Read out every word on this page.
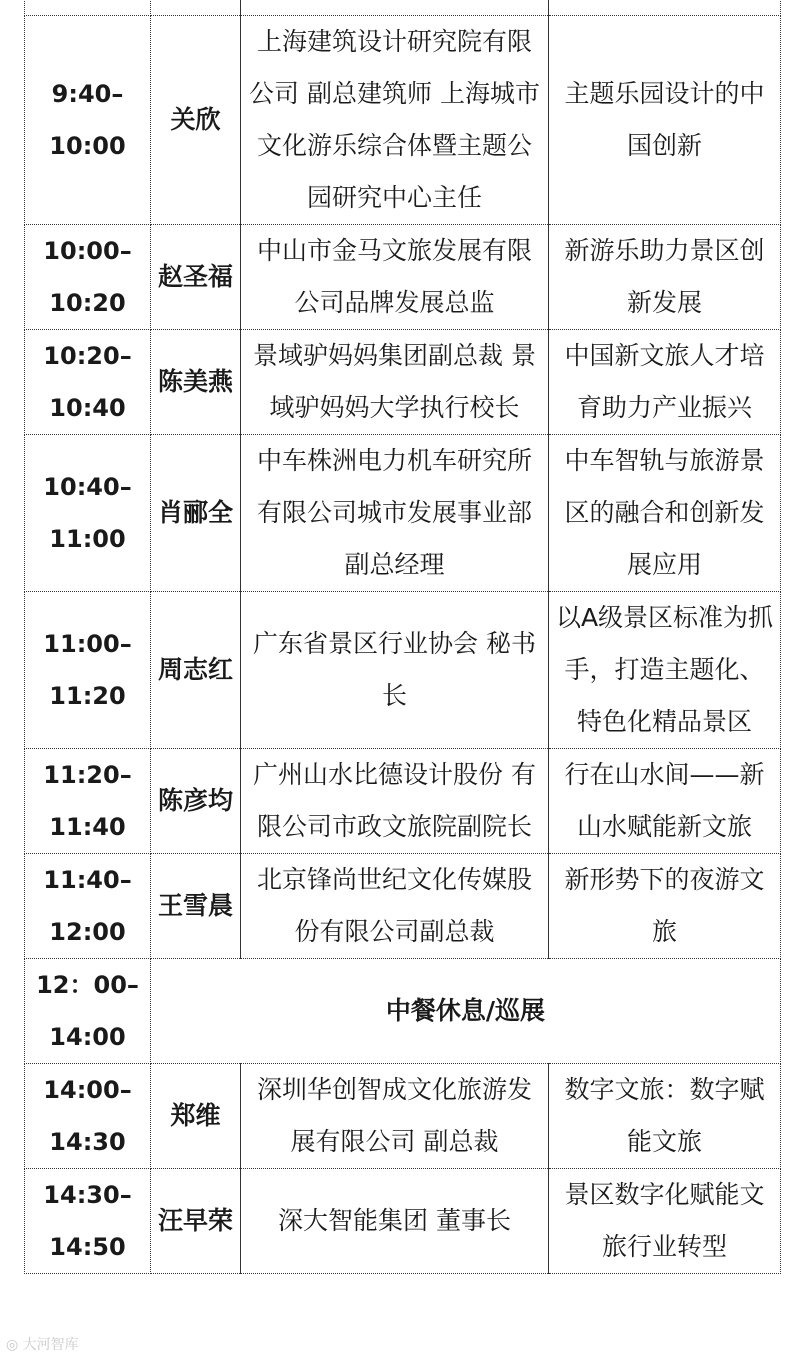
9:40–
10:00	关欣	上海建筑设计研究院有限公司 副总建筑师 上海城市文化游乐综合体暨主题公园研究中心主任	主题乐园设计的中国创新

10:00–
10:20	赵圣福	中山市金马文旅发展有限公司品牌发展总监	新游乐助力景区创新发展

10:20–
10:40	陈美燕	景域驴妈妈集团副总裁 景域驴妈妈大学执行校长	中国新文旅人才培育助力产业振兴

10:40–
11:00	肖郦全	中车株洲电力机车研究所有限公司城市发展事业部副总经理	中车智轨与旅游景区的融合和创新发展应用

11:00–
11:20	周志红	广东省景区行业协会 秘书长	以A级景区标准为抓手，打造主题化、特色化精品景区

11:20–
11:40	陈彦均	广州山水比德设计股份 有限公司市政文旅院副院长	行在山水间——新山水赋能新文旅

11:40–
12:00	王雪晨	北京锋尚世纪文化传媒股份有限公司副总裁	新形势下的夜游文旅

12：00–
14:00	中餐休息/巡展		

14:00–
14:30	郑维	深圳华创智成文化旅游发展有限公司 副总裁	数字文旅：数字赋能文旅

14:30–
14:50	汪早荣	深大智能集团 董事长	景区数字化赋能文旅行业转型
◎ 大河智库
